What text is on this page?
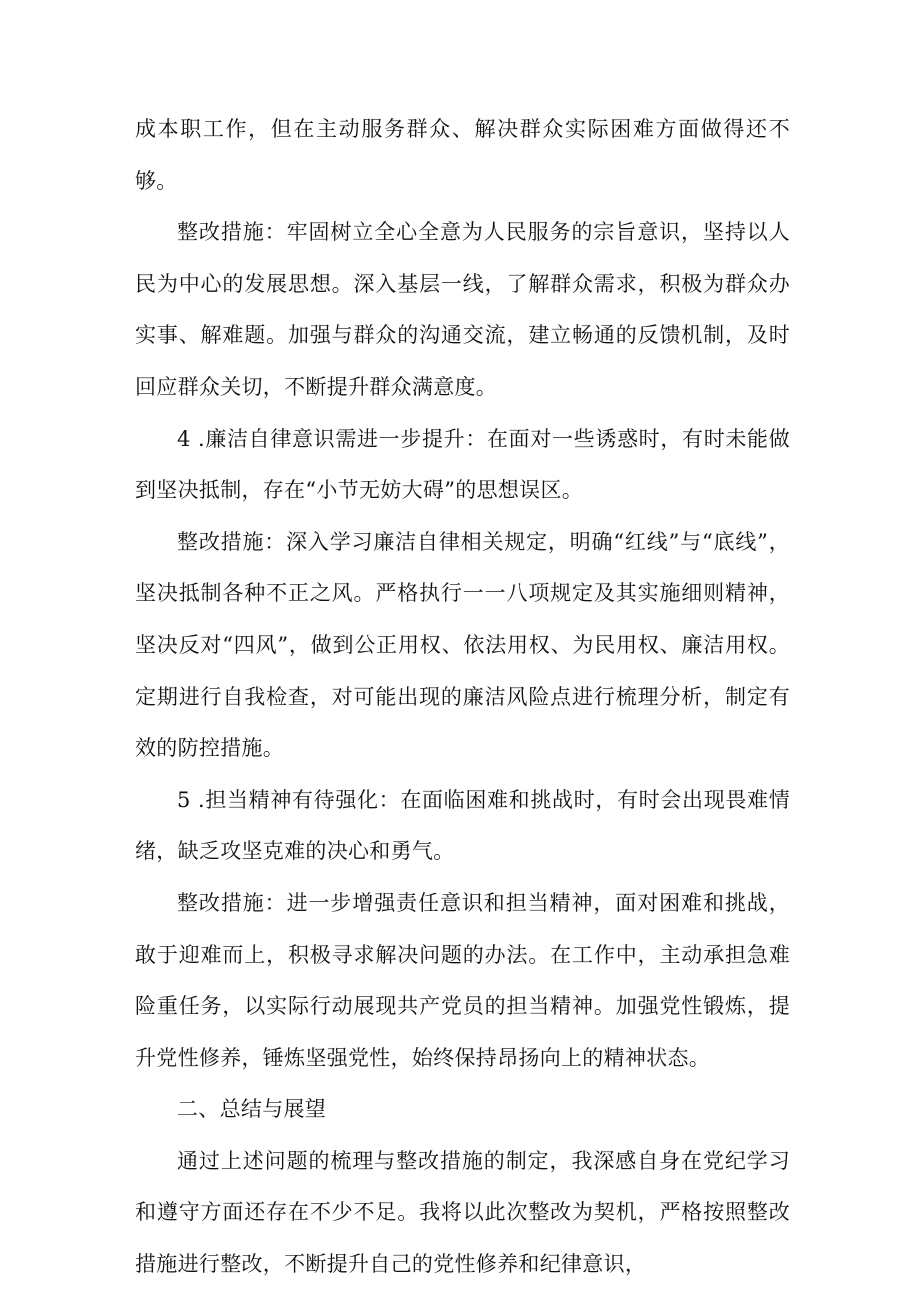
成本职工作，但在主动服务群众、解决群众实际困难方面做得还不够。

整改措施：牢固树立全心全意为人民服务的宗旨意识，坚持以人民为中心的发展思想。深入基层一线，了解群众需求，积极为群众办实事、解难题。加强与群众的沟通交流，建立畅通的反馈机制，及时回应群众关切，不断提升群众满意度。

4 .廉洁自律意识需进一步提升：在面对一些诱惑时，有时未能做到坚决抵制，存在“小节无妨大碍”的思想误区。

整改措施：深入学习廉洁自律相关规定，明确“红线”与“底线”，坚决抵制各种不正之风。严格执行一一八项规定及其实施细则精神，坚决反对“四风”，做到公正用权、依法用权、为民用权、廉洁用权。定期进行自我检查，对可能出现的廉洁风险点进行梳理分析，制定有效的防控措施。

5 .担当精神有待强化：在面临困难和挑战时，有时会出现畏难情绪，缺乏攻坚克难的决心和勇气。

整改措施：进一步增强责任意识和担当精神，面对困难和挑战，敢于迎难而上，积极寻求解决问题的办法。在工作中，主动承担急难险重任务，以实际行动展现共产党员的担当精神。加强党性锻炼，提升党性修养，锤炼坚强党性，始终保持昂扬向上的精神状态。

二、总结与展望

通过上述问题的梳理与整改措施的制定，我深感自身在党纪学习和遵守方面还存在不少不足。我将以此次整改为契机，严格按照整改措施进行整改，不断提升自己的党性修养和纪律意识，
